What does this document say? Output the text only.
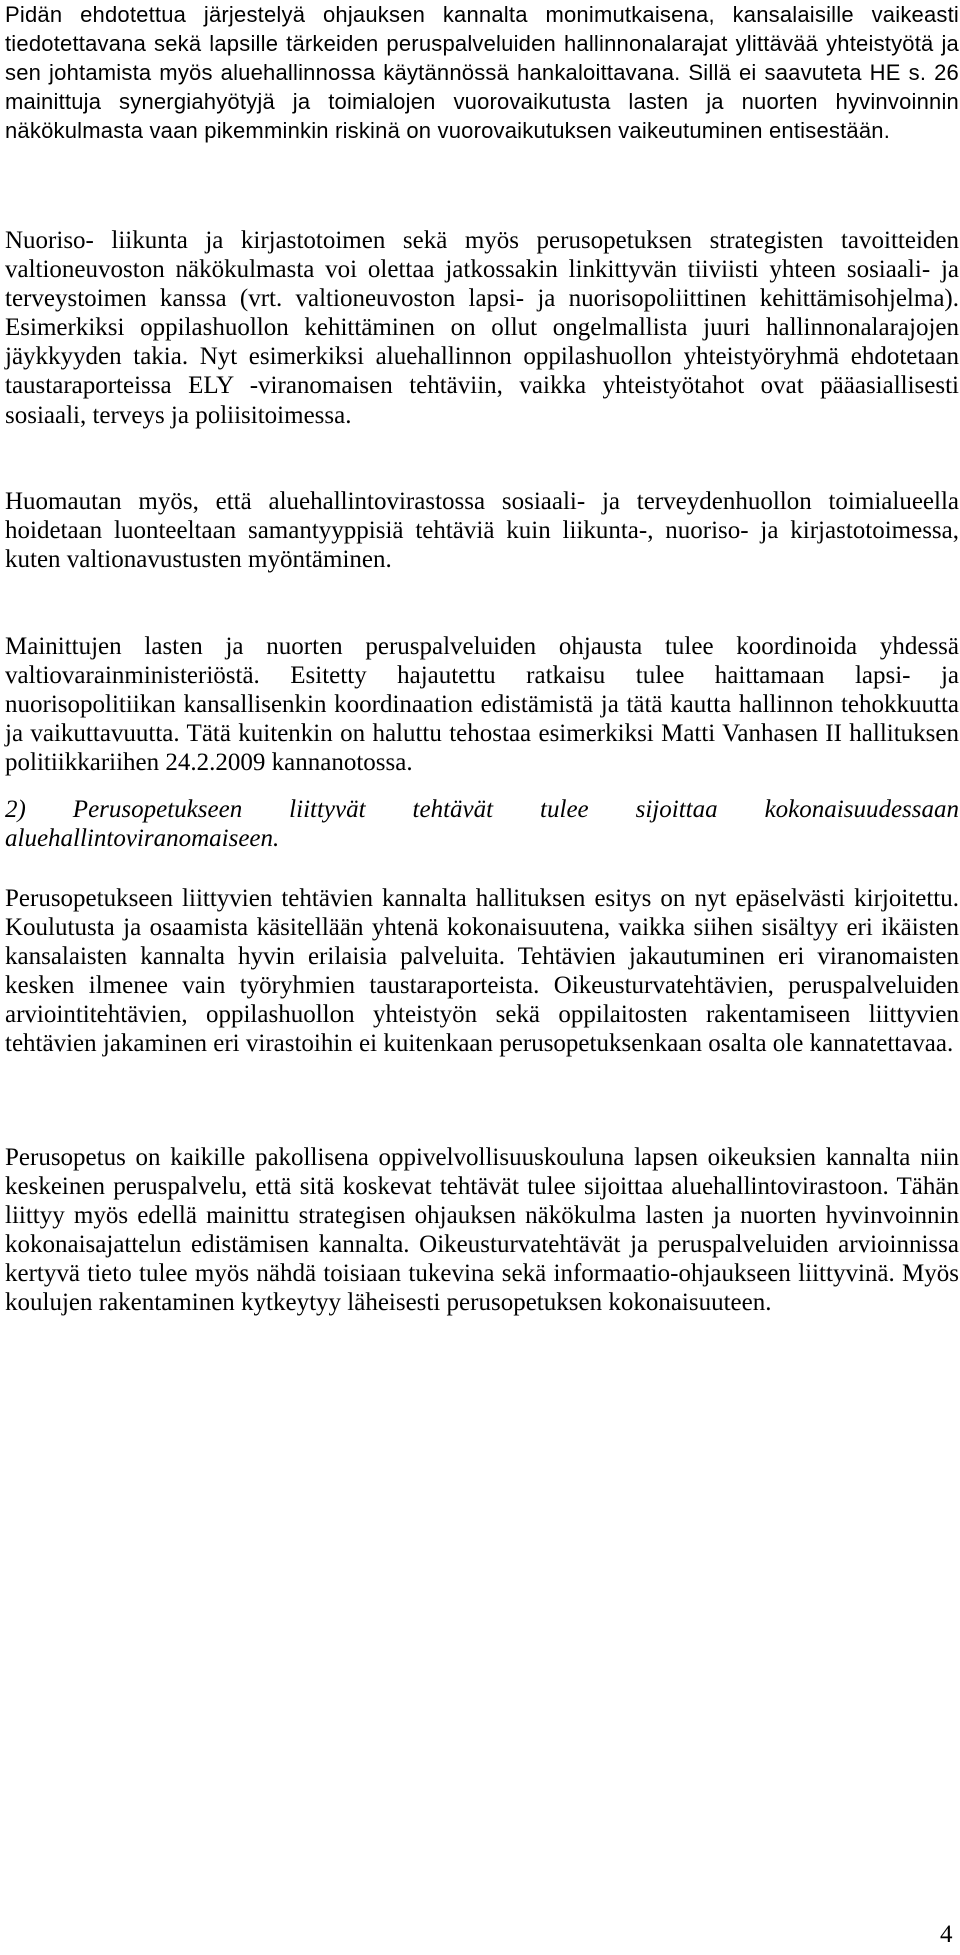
Pidän ehdotettua järjestelyä ohjauksen kannalta monimutkaisena, kansalaisille vaikeasti tiedotettavana sekä lapsille tärkeiden peruspalveluiden hallinnonalarajat ylittävää yhteistyötä ja sen johtamista myös aluehallinnossa käytännössä hankaloittavana. Sillä ei saavuteta HE s. 26 mainittuja synergiahyötyjä ja toimialojen vuorovaikutusta lasten ja nuorten hyvinvoinnin näkökulmasta vaan pikemminkin riskinä on vuorovaikutuksen vaikeutuminen entisestään.

Nuoriso- liikunta ja kirjastotoimen sekä myös perusopetuksen strategisten tavoitteiden valtioneuvoston näkökulmasta voi olettaa jatkossakin linkittyvän tiiviisti yhteen sosiaali- ja terveystoimen kanssa (vrt. valtioneuvoston lapsi- ja nuorisopoliittinen kehittämisohjelma). Esimerkiksi oppilashuollon kehittäminen on ollut ongelmallista juuri hallinnonalarajojen jäykkyyden takia. Nyt esimerkiksi aluehallinnon oppilashuollon yhteistyöryhmä ehdotetaan taustaraporteissa ELY -viranomaisen tehtäviin, vaikka yhteistyötahot ovat pääasiallisesti sosiaali, terveys ja poliisitoimessa.

Huomautan myös, että aluehallintovirastossa sosiaali- ja terveydenhuollon toimialueella hoidetaan luonteeltaan samantyyppisiä tehtäviä kuin liikunta-, nuoriso- ja kirjastotoimessa, kuten valtionavustusten myöntäminen.

Mainittujen lasten ja nuorten peruspalveluiden ohjausta tulee koordinoida yhdessä valtiovarainministeriöstä. Esitetty hajautettu ratkaisu tulee haittamaan lapsi- ja nuorisopolitiikan kansallisenkin koordinaation edistämistä ja tätä kautta hallinnon tehokkuutta ja vaikuttavuutta. Tätä kuitenkin on haluttu tehostaa esimerkiksi Matti Vanhasen II hallituksen politiikkariihen 24.2.2009 kannanotossa.

2) Perusopetukseen liittyvät tehtävät tulee sijoittaa kokonaisuudessaan aluehallintoviranomaiseen.

Perusopetukseen liittyvien tehtävien kannalta hallituksen esitys on nyt epäselvästi kirjoitettu. Koulutusta ja osaamista käsitellään yhtenä kokonaisuutena, vaikka siihen sisältyy eri ikäisten kansalaisten kannalta hyvin erilaisia palveluita. Tehtävien jakautuminen eri viranomaisten kesken ilmenee vain työryhmien taustaraporteista. Oikeusturvatehtävien, peruspalveluiden arviointitehtävien, oppilashuollon yhteistyön sekä oppilaitosten rakentamiseen liittyvien tehtävien jakaminen eri virastoihin ei kuitenkaan perusopetuksenkaan osalta ole kannatettavaa.

Perusopetus on kaikille pakollisena oppivelvollisuuskouluna lapsen oikeuksien kannalta niin keskeinen peruspalvelu, että sitä koskevat tehtävät tulee sijoittaa aluehallintovirastoon. Tähän liittyy myös edellä mainittu strategisen ohjauksen näkökulma lasten ja nuorten hyvinvoinnin kokonaisajattelun edistämisen kannalta. Oikeusturvatehtävät ja peruspalveluiden arvioinnissa kertyvä tieto tulee myös nähdä toisiaan tukevina sekä informaatio-ohjaukseen liittyvinä. Myös koulujen rakentaminen kytkeytyy läheisesti perusopetuksen kokonaisuuteen.

4
